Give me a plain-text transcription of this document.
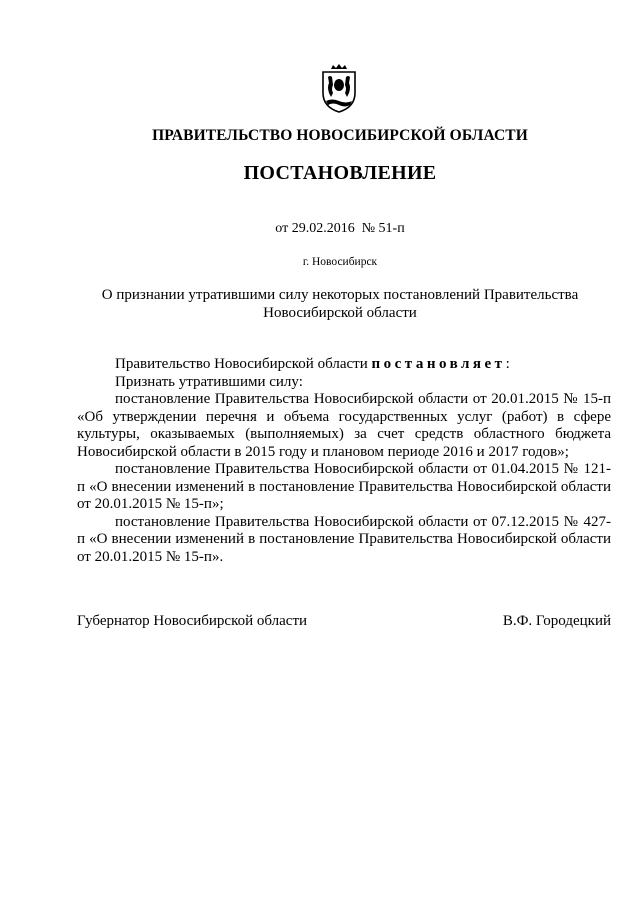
ПРАВИТЕЛЬСТВО НОВОСИБИРСКОЙ ОБЛАСТИ
ПОСТАНОВЛЕНИЕ
от 29.02.2016  № 51-п
г. Новосибирск
О признании утратившими силу некоторых постановлений Правительства
Новосибирской области

Правительство Новосибирской области постановляет:

Признать утратившими силу:

постановление Правительства Новосибирской области от 20.01.2015 № 15-п «Об утверждении перечня и объема государственных услуг (работ) в сфере культуры, оказываемых (выполняемых) за счет средств областного бюджета Новосибирской области в 2015 году и плановом периоде 2016 и 2017 годов»;

постановление Правительства Новосибирской области от 01.04.2015 № 121-п «О внесении изменений в постановление Правительства Новосибирской области от 20.01.2015 № 15-п»;

постановление Правительства Новосибирской области от 07.12.2015 № 427-п «О внесении изменений в постановление Правительства Новосибирской области от 20.01.2015 № 15-п».

Губернатор Новосибирской области	В.Ф. Городецкий
